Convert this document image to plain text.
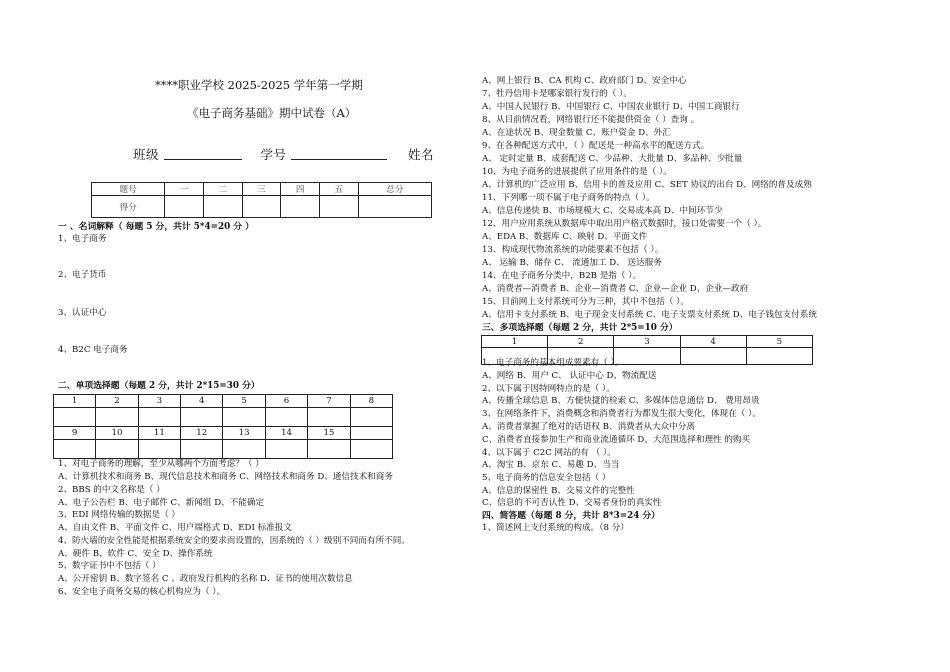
****职业学校 2025-2025 学年第一学期
《电子商务基础》期中试卷（A）
班级	学号	姓名
题号	一	二	三	四	五	总分
得分						
一 、名词解释（ 每题 5 分，共计 5*4=20 分 ）
1、电子商务
2、电子货币
3、认证中心
4、B2C 电子商务
二、单项选择题（每题 2 分，共计 2*15=30 分）
1	2	3	4	5	6	7	8

9	10	11	12	13	14	15	

1、对电子商务的理解，至少从哪两个方面考虑？（ ）
A、计算机技术和商务 B、现代信息技术和商务 C、网络技术和商务 D、通信技术和商务
2、BBS 的中文名称是（ ）
A、电子公告栏 B、电子邮件 C、新闻组 D、不能确定
3、EDI 网络传输的数据是（ ）
A、自由文件 B、平面文件 C、用户端格式 D、EDI 标准报文
4、防火墙的安全性能是根据系统安全的要求而设置的，因系统的（ ）级别不同而有所不同。
A、硬件 B、软件 C、安全 D、操作系统
5、数字证书中不包括（ ）
A、公开密钥 B、数字签名 C 、政府发行机构的名称 D、证书的使用次数信息
6、安全电子商务交易的核心机构应为（ ）。
A、网上银行 B、CA 机构 C、政府部门 D、安全中心
7、牡丹信用卡是哪家银行发行的（ ）。
A、中国人民银行 B、中国银行 C、中国农业银行 D、中国工商银行
8、从目前情况看，网络银行还不能提供资金（ ）查询 。
A、在途状况 B、现金数量 C、账户资金 D、外汇
9、在各种配送方式中，（ ）配送是一种高水平的配送方式。
A、 定时定量 B、成套配送 C、少品种、大批量 D、多品种、少批量
10、为电子商务的进展提供了应用条件的是（ ）。
A、计算机的广泛应用 B、信用卡的普及应用 C、SET 协议的出台 D、网络的普及成熟
11、下列哪一项不属于电子商务的特点（ ）。
A、信息传递快 B、市场规模大 C、交易成本高 D、中间环节少
12、用户应用系统从数据库中取出用户格式数据时，接口处需要一个（ ）。
A、EDA B、数据库 C、映射 D、平面文件
13、构成现代物流系统的功能要素不包括（ ）。
A、 运输 B、储存 C、 流通加工 D、 送达服务
14、在电子商务分类中，B2B 是指（ ）。
A、消费者—消费者 B、企业—消费者 C、企业—企业 D、企业—政府
15、目前网上支付系统可分为三种，其中不包括（ ）。
A、信用卡支付系统 B、电子现金支付系统 C、电子支票支付系统 D、电子钱包支付系统
三、多项选择题（每题 2 分，共计 2*5=10 分）
1	2	3	4	5

1、电子商务的基本组成要素有（ ）。
A、网络 B、用户 C、 认证中心 D、物流配送
2、以下属于因特网特点的是（ ）。
A、传播全球信息 B、方便快捷的检索 C、多媒体信息通信 D、 费用昂贵
3、在网络条件下，消费概念和消费者行为都发生很大变化，体现在（ ）。
A、消费者掌握了绝对的话语权 B、消费者从大众中分离
C、消费者直接参加生产和商业流通循环 D、大范围选择和理性 的购买
4、以下属于 C2C 网站的有 （ ）。
A、淘宝 B、京东 C、易趣 D、当当
5、电子商务的信息安全包括（ ）
A、信息的保密性 B、交易文件的完整性
C、信息的不可否认性 D、交易者身份的真实性
四、简答题（每题 8 分，共计 8*3=24 分）
1、简述网上支付系统的构成。（8 分）
